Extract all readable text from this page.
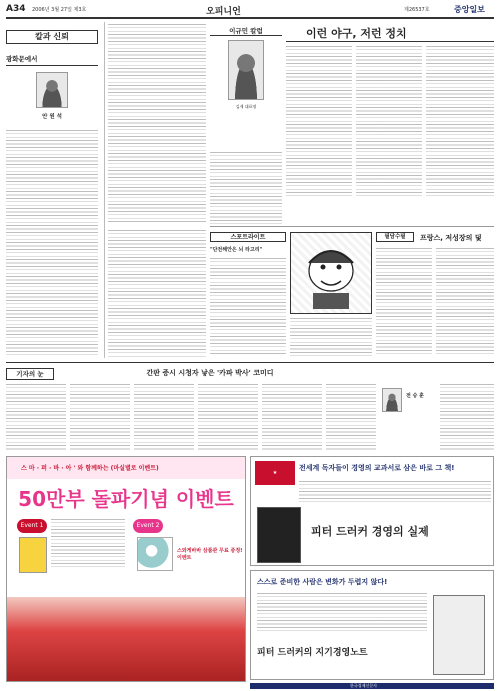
A34 2006년 3월 27일 제3호	오피니언	제26537호	중앙일보
칼과 신뢰
광화문에서
안 원 석
이규민 칼럼
김재 대표명
이런 야구, 저런 정치
스포트라이트
"단전해안은 뇌 타고리"
필담수필	프랑스, 저성장의 덫
기자의 눈	간판 증시 시청자 낳은 '카파 박사' 코미디
전 승 훈
스 마 · 퍼 · 바 · 아 ' 와 함께하는 (마실별로 이벤트)
50만부 돌파기념 이벤트
Event 1	Event 2
스와게바바 삼품관 무료 증정!이벤트
★
전세계 독자들이 경영의 교과서로 삼은 바로 그 책!
피터 드러커 경영의 실제
스스로 준비한 사람은 변화가 두렵지 않다!
피터 드러커의 지기경영노트
한국경제신문사
